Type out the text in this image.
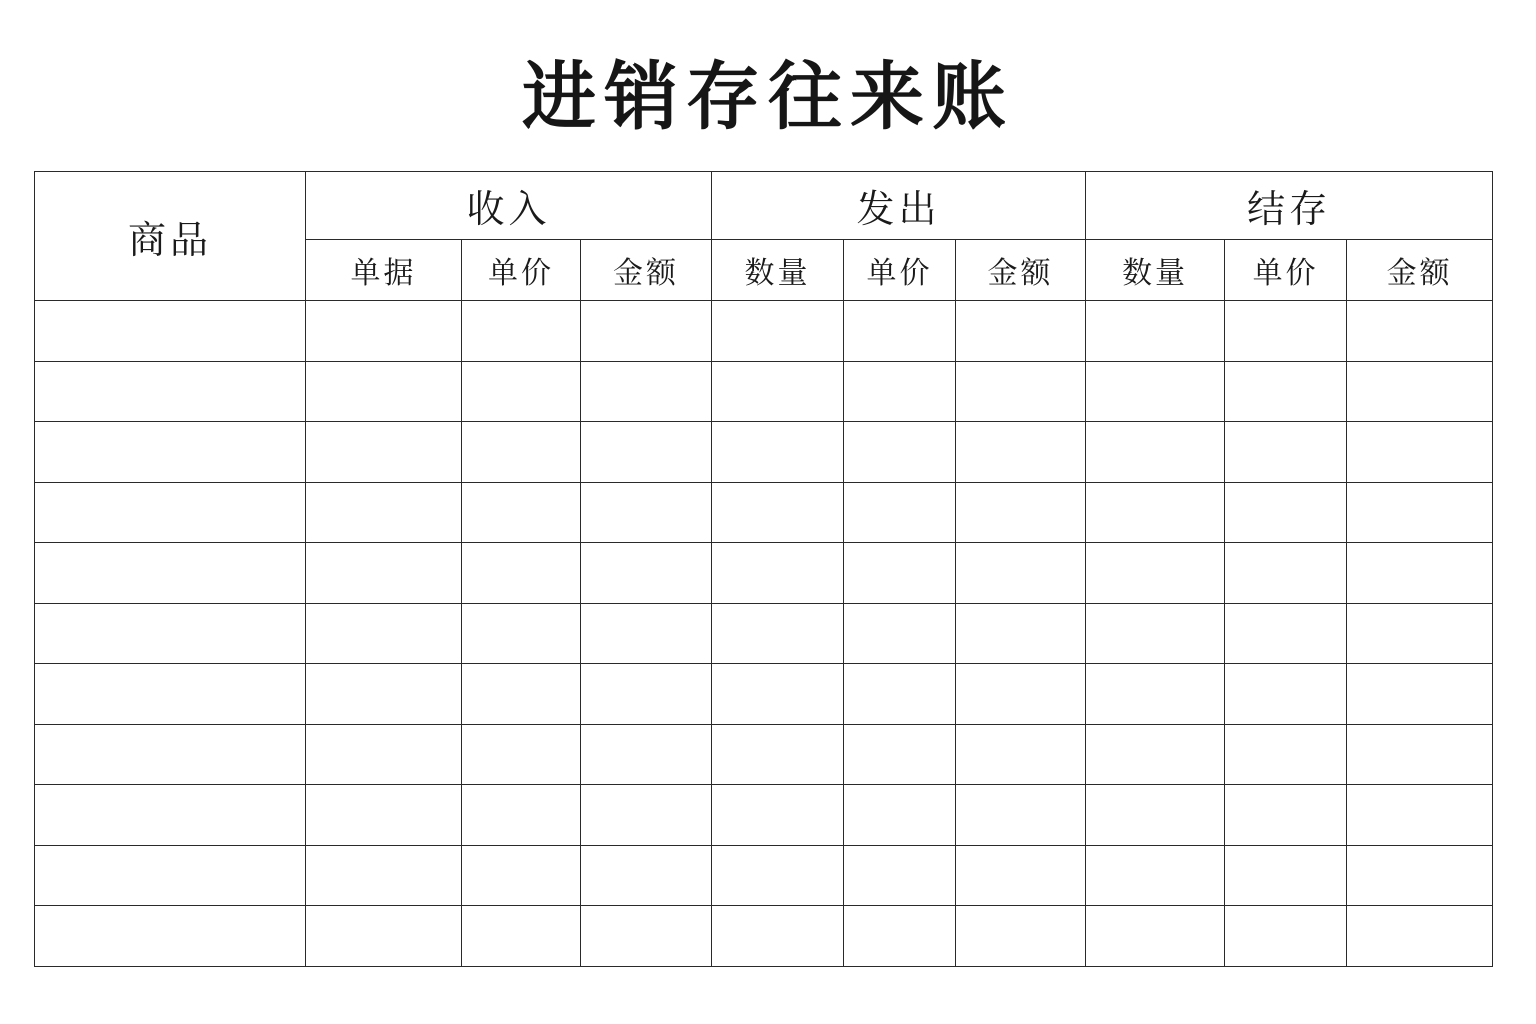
进销存往来账
商品	收入			发出			结存		
	单据	单价	金额	数量	单价	金额	数量	单价	金额
